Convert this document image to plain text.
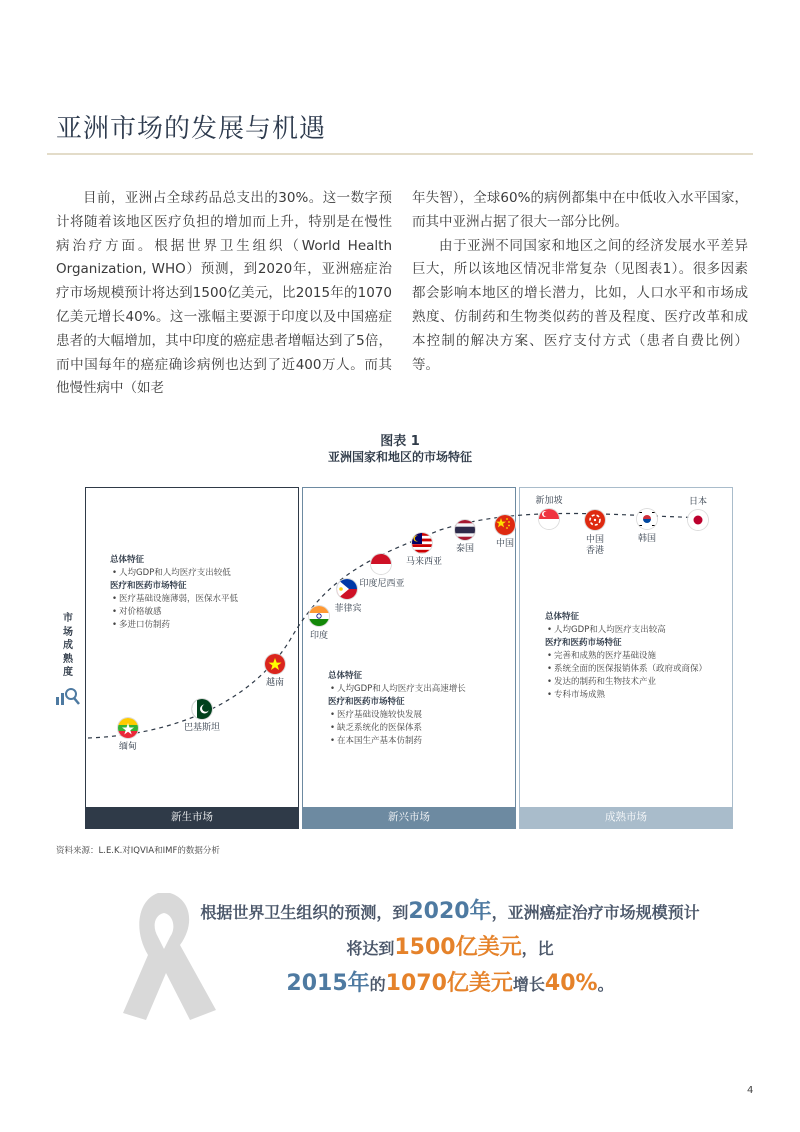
亚洲市场的发展与机遇

目前，亚洲占全球药品总支出的30%。这一数字预计将随着该地区医疗负担的增加而上升，特别是在慢性病治疗方面。根据世界卫生组织（World Health Organization, WHO）预测，到2020年，亚洲癌症治疗市场规模预计将达到1500亿美元，比2015年的1070亿美元增长40%。这一涨幅主要源于印度以及中国癌症患者的大幅增加，其中印度的癌症患者增幅达到了5倍，而中国每年的癌症确诊病例也达到了近400万人。而其他慢性病中（如老

年失智），全球60%的病例都集中在中低收入水平国家，而其中亚洲占据了很大一部分比例。

由于亚洲不同国家和地区之间的经济发展水平差异巨大，所以该地区情况非常复杂（见图表1）。很多因素都会影响本地区的增长潜力，比如，人口水平和市场成熟度、仿制药和生物类似药的普及程度、医疗改革和成本控制的解决方案、医疗支付方式（患者自费比例）等。

图表 1
亚洲国家和地区的市场特征
新生市场	新兴市场	成熟市场
市场成熟度
缅甸
巴基斯坦
越南
印度
菲律宾
印度尼西亚
马来西亚
泰国	中国
新加坡
中国
香港
韩国
日本
总体特征
• 人均GDP和人均医疗支出较低
医疗和医药市场特征
• 医疗基础设施薄弱，医保水平低
• 对价格敏感
• 多进口仿制药
总体特征
• 人均GDP和人均医疗支出高速增长
医疗和医药市场特征
• 医疗基础设施较快发展
• 缺乏系统化的医保体系
• 在本国生产基本仿制药
总体特征
• 人均GDP和人均医疗支出较高
医疗和医药市场特征
• 完善和成熟的医疗基础设施
• 系统全面的医保报销体系（政府或商保）
• 发达的制药和生物技术产业
• 专科市场成熟
资料来源：L.E.K.对IQVIA和IMF的数据分析
根据世界卫生组织的预测，到2020年，亚洲癌症治疗市场规模预计将达到1500亿美元，比
2015年的1070亿美元增长40%。
4
